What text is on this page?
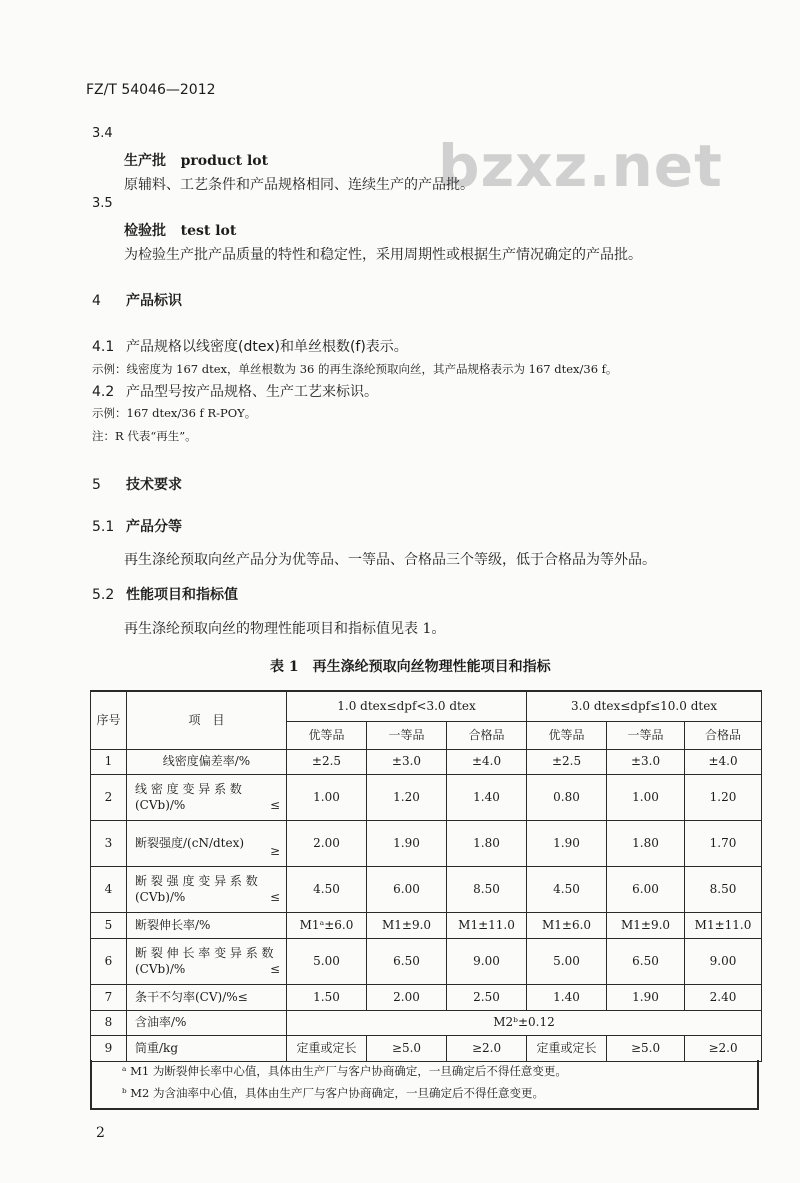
FZ/T 54046—2012
bzxz.net
3.4
生产批 product lot
原辅料、工艺条件和产品规格相同、连续生产的产品批。
3.5
检验批 test lot
为检验生产批产品质量的特性和稳定性，采用周期性或根据生产情况确定的产品批。
4 产品标识
4.1 产品规格以线密度(dtex)和单丝根数(f)表示。
示例：线密度为 167 dtex，单丝根数为 36 的再生涤纶预取向丝，其产品规格表示为 167 dtex/36 f。
4.2 产品型号按产品规格、生产工艺来标识。
示例：167 dtex/36 f R-POY。
注：R 代表“再生”。
5 技术要求
5.1 产品分等
再生涤纶预取向丝产品分为优等品、一等品、合格品三个等级，低于合格品为等外品。
5.2 性能项目和指标值
再生涤纶预取向丝的物理性能项目和指标值见表 1。
表 1　再生涤纶预取向丝物理性能项目和指标
序号	项　目	1.0 dtex≤dpf<3.0 dtex			3.0 dtex≤dpf≤10.0 dtex		
		优等品	一等品	合格品	优等品	一等品	合格品
1	线密度偏差率/%	±2.5	±3.0	±4.0	±2.5	±3.0	±4.0
2	线 密 度 变 异 系 数
(CVb)/% ≤	1.00	1.20	1.40	0.80	1.00	1.20
3	断裂强度/(cN/dtex)
≥	2.00	1.90	1.80	1.90	1.80	1.70
4	断 裂 强 度 变 异 系 数
(CVb)/% ≤	4.50	6.00	8.50	4.50	6.00	8.50
5	断裂伸长率/%	M1ᵃ±6.0	M1±9.0	M1±11.0	M1±6.0	M1±9.0	M1±11.0
6	断 裂 伸 长 率 变 异 系 数
(CVb)/% ≤	5.00	6.50	9.00	5.00	6.50	9.00
7	条干不匀率(CV)/%≤	1.50	2.00	2.50	1.40	1.90	2.40
8	含油率/%	M2ᵇ±0.12					
9	筒重/kg	定重或定长	≥5.0	≥2.0	定重或定长	≥5.0	≥2.0
ᵃ M1 为断裂伸长率中心值，具体由生产厂与客户协商确定，一旦确定后不得任意变更。
ᵇ M2 为含油率中心值，具体由生产厂与客户协商确定，一旦确定后不得任意变更。
2
